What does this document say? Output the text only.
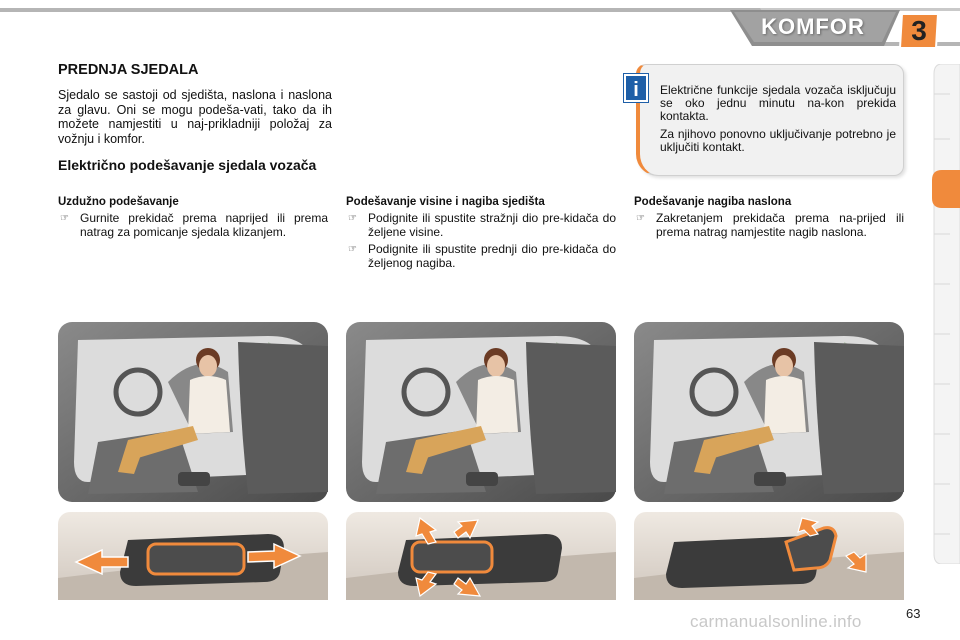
KOMFOR	3
PREDNJA SJEDALA
Sjedalo se sastoji od sjedišta, naslona i naslona za glavu. Oni se mogu podeša-vati, tako da ih možete namjestiti u naj-prikladniji položaj za vožnju i komfor.
Električno podešavanje sjedala vozača
Uzdužno podešavanje
☞ Gurnite prekidač prema naprijed ili prema natrag za pomicanje sjedala klizanjem.
Podešavanje visine i nagiba sjedišta
☞ Podignite ili spustite stražnji dio pre-kidača do željene visine.
☞ Podignite ili spustite prednji dio pre-kidača do željenog nagiba.
Podešavanje nagiba naslona
☞ Zakretanjem prekidača prema na-prijed ili prema natrag namjestite nagib naslona.
i	Električne funkcije sjedala vozača isključuju se oko jednu minutu na-kon prekida kontakta.
Za njihovo ponovno uključivanje potrebno je uključiti kontakt.
63
carmanualsonline.info
